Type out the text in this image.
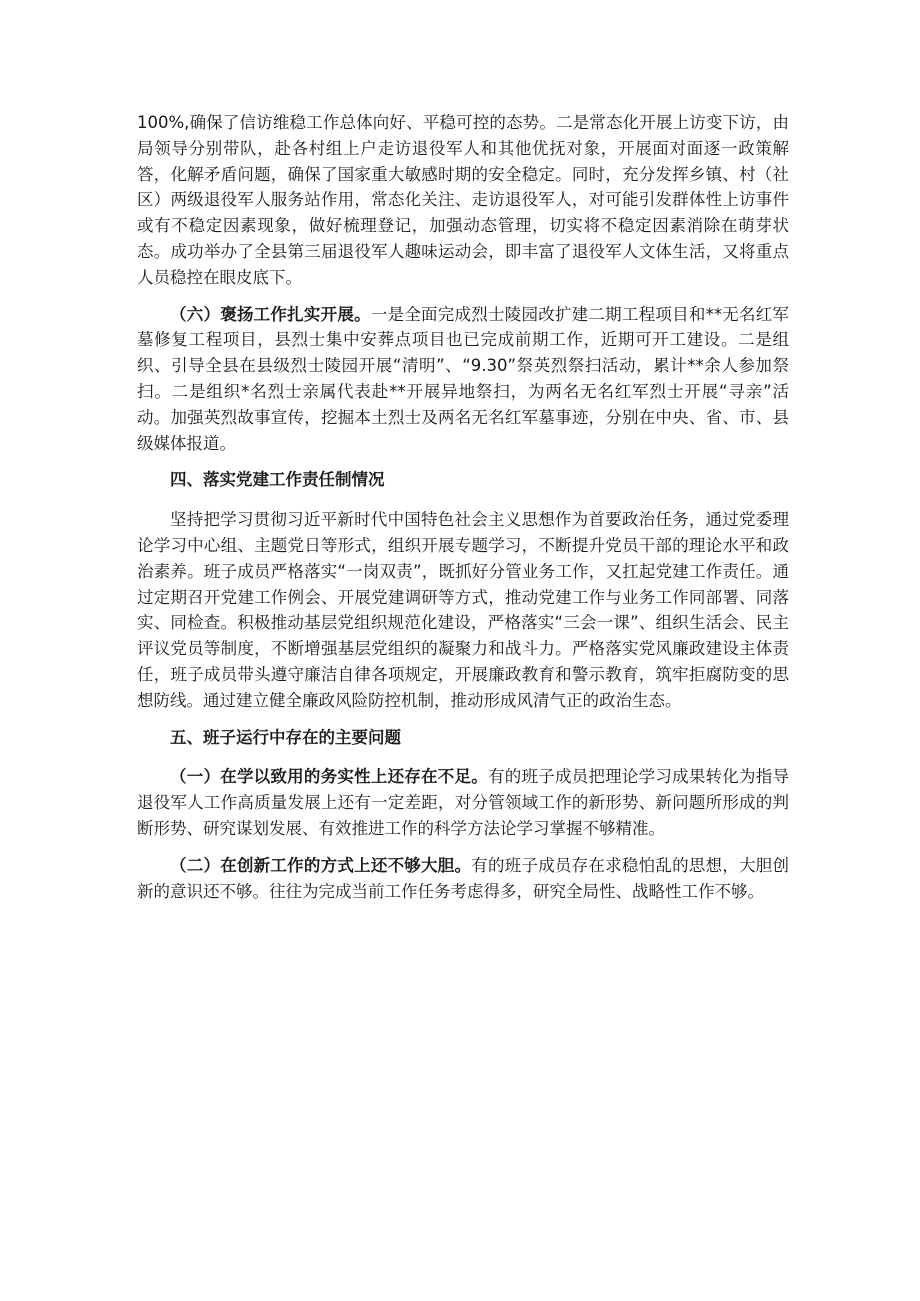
100%,确保了信访维稳工作总体向好、平稳可控的态势。二是常态化开展上访变下访，由局领导分别带队，赴各村组上户走访退役军人和其他优抚对象，开展面对面逐一政策解答，化解矛盾问题，确保了国家重大敏感时期的安全稳定。同时，充分发挥乡镇、村（社区）两级退役军人服务站作用，常态化关注、走访退役军人，对可能引发群体性上访事件或有不稳定因素现象，做好梳理登记，加强动态管理，切实将不稳定因素消除在萌芽状态。成功举办了全县第三届退役军人趣味运动会，即丰富了退役军人文体生活，又将重点人员稳控在眼皮底下。

（六）褒扬工作扎实开展。一是全面完成烈士陵园改扩建二期工程项目和**无名红军墓修复工程项目，县烈士集中安葬点项目也已完成前期工作，近期可开工建设。二是组织、引导全县在县级烈士陵园开展“清明”、“9.30”祭英烈祭扫活动，累计**余人参加祭扫。二是组织*名烈士亲属代表赴**开展异地祭扫，为两名无名红军烈士开展“寻亲”活动。加强英烈故事宣传，挖掘本土烈士及两名无名红军墓事迹，分别在中央、省、市、县级媒体报道。

四、落实党建工作责任制情况

坚持把学习贯彻习近平新时代中国特色社会主义思想作为首要政治任务，通过党委理论学习中心组、主题党日等形式，组织开展专题学习，不断提升党员干部的理论水平和政治素养。班子成员严格落实“一岗双责”，既抓好分管业务工作，又扛起党建工作责任。通过定期召开党建工作例会、开展党建调研等方式，推动党建工作与业务工作同部署、同落实、同检查。积极推动基层党组织规范化建设，严格落实“三会一课”、组织生活会、民主评议党员等制度，不断增强基层党组织的凝聚力和战斗力。严格落实党风廉政建设主体责任，班子成员带头遵守廉洁自律各项规定，开展廉政教育和警示教育，筑牢拒腐防变的思想防线。通过建立健全廉政风险防控机制，推动形成风清气正的政治生态。

五、班子运行中存在的主要问题

（一）在学以致用的务实性上还存在不足。有的班子成员把理论学习成果转化为指导退役军人工作高质量发展上还有一定差距，对分管领域工作的新形势、新问题所形成的判断形势、研究谋划发展、有效推进工作的科学方法论学习掌握不够精准。

（二）在创新工作的方式上还不够大胆。有的班子成员存在求稳怕乱的思想，大胆创新的意识还不够。往往为完成当前工作任务考虑得多，研究全局性、战略性工作不够。
